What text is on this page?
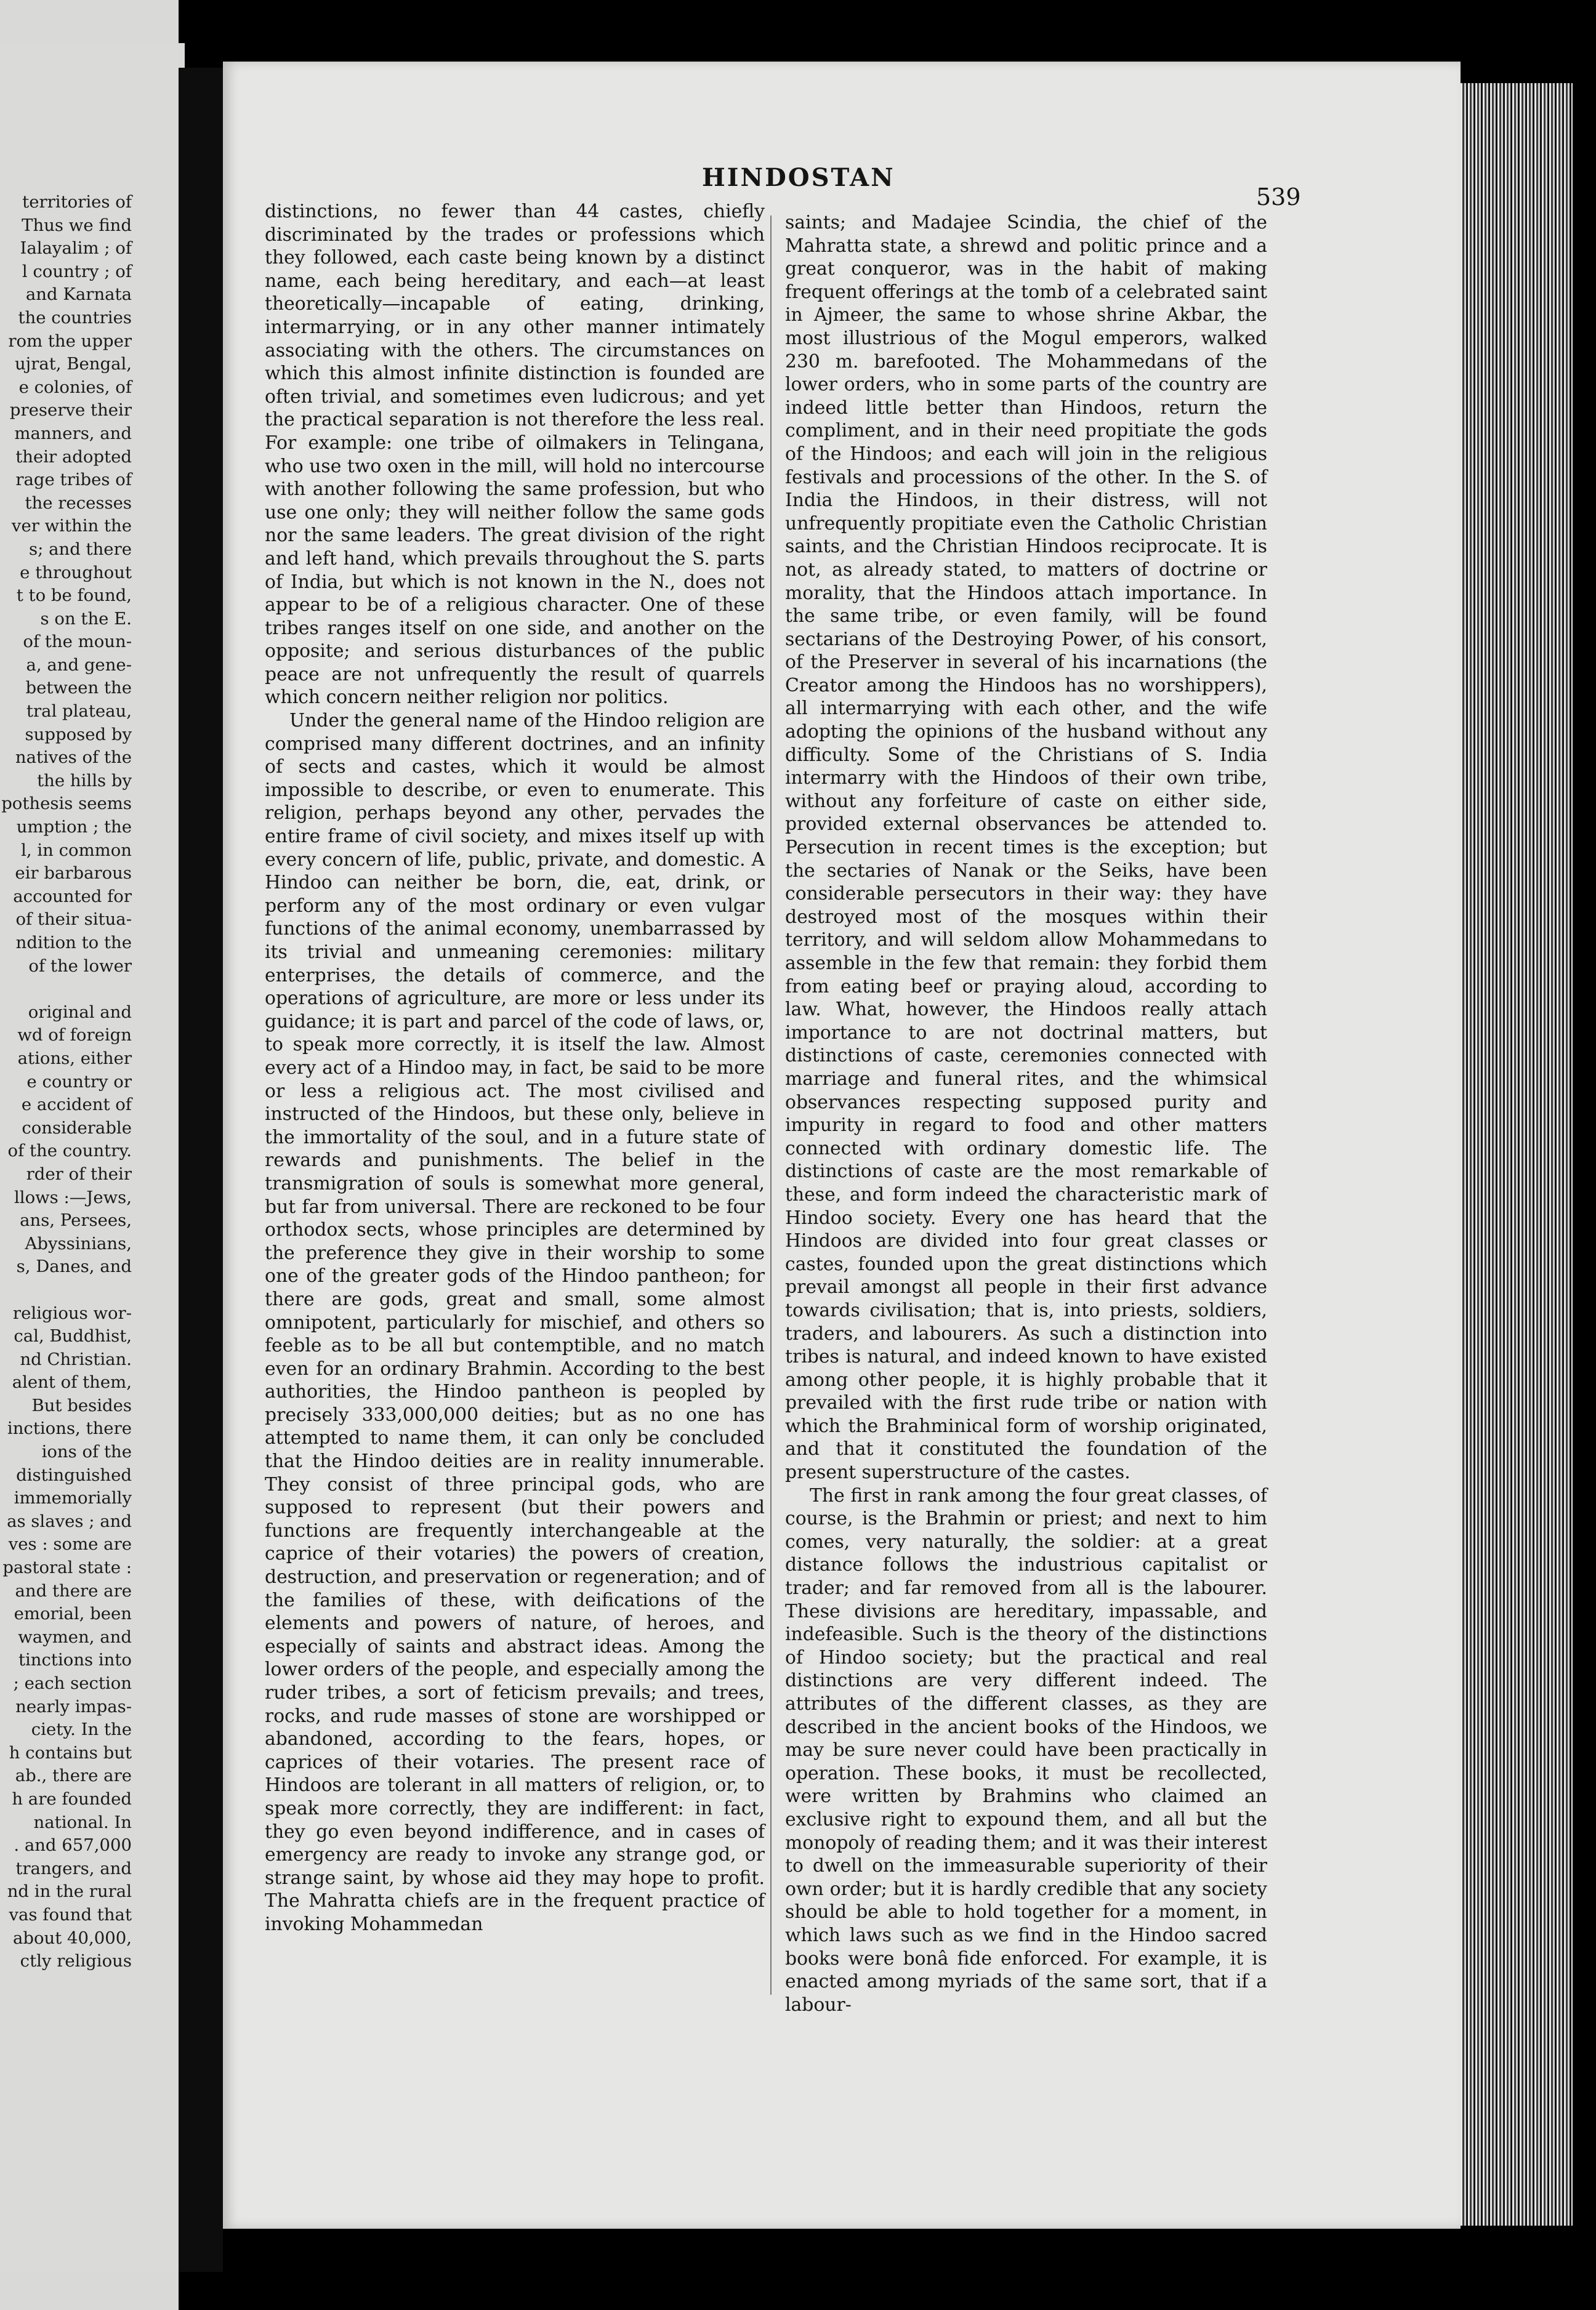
territories of
Thus we find
Ialayalim ; of
l country ; of
and Karnata
the countries
rom the upper
ujrat, Bengal,
e colonies, of
preserve their
manners, and
their adopted
rage tribes of
the recesses
ver within the
s; and there
e throughout
t to be found,
s on the E.
of the moun-
a, and gene-
between the
tral plateau,
supposed by
natives of the
the hills by
pothesis seems
umption ; the
l, in common
eir barbarous
accounted for
of their situa-
ndition to the
of the lower

original and
wd of foreign
ations, either
e country or
e accident of
considerable
of the country.
rder of their
llows :—Jews,
ans, Persees,
Abyssinians,
s, Danes, and

religious wor-
cal, Buddhist,
nd Christian.
alent of them,
But besides
inctions, there
ions of the
distinguished
immemorially
as slaves ; and
ves : some are
pastoral state :
and there are
emorial, been
waymen, and
tinctions into
; each section
nearly impas-
ciety. In the
h contains but
ab., there are
h are founded
national. In
. and 657,000
trangers, and
nd in the rural
vas found that
about 40,000,
ctly religious
HINDOSTAN
539

distinctions, no fewer than 44 castes, chiefly discriminated by the trades or professions which they followed, each caste being known by a distinct name, each being hereditary, and each—at least theoretically—incapable of eating, drinking, intermarrying, or in any other manner intimately associating with the others. The circumstances on which this almost infinite distinction is founded are often trivial, and sometimes even ludicrous; and yet the practical separation is not therefore the less real. For example: one tribe of oilmakers in Telingana, who use two oxen in the mill, will hold no intercourse with another following the same profession, but who use one only; they will neither follow the same gods nor the same leaders. The great division of the right and left hand, which prevails throughout the S. parts of India, but which is not known in the N., does not appear to be of a religious character. One of these tribes ranges itself on one side, and another on the opposite; and serious disturbances of the public peace are not unfrequently the result of quarrels which concern neither religion nor politics.

Under the general name of the Hindoo religion are comprised many different doctrines, and an infinity of sects and castes, which it would be almost impossible to describe, or even to enumerate. This religion, perhaps beyond any other, pervades the entire frame of civil society, and mixes itself up with every concern of life, public, private, and domestic. A Hindoo can neither be born, die, eat, drink, or perform any of the most ordinary or even vulgar functions of the animal economy, unembarrassed by its trivial and unmeaning ceremonies: military enterprises, the details of commerce, and the operations of agriculture, are more or less under its guidance; it is part and parcel of the code of laws, or, to speak more correctly, it is itself the law. Almost every act of a Hindoo may, in fact, be said to be more or less a religious act. The most civilised and instructed of the Hindoos, but these only, believe in the immortality of the soul, and in a future state of rewards and punishments. The belief in the transmigration of souls is somewhat more general, but far from universal. There are reckoned to be four orthodox sects, whose principles are determined by the preference they give in their worship to some one of the greater gods of the Hindoo pantheon; for there are gods, great and small, some almost omnipotent, particularly for mischief, and others so feeble as to be all but contemptible, and no match even for an ordinary Brahmin. According to the best authorities, the Hindoo pantheon is peopled by precisely 333,000,000 deities; but as no one has attempted to name them, it can only be concluded that the Hindoo deities are in reality innumerable. They consist of three principal gods, who are supposed to represent (but their powers and functions are frequently interchangeable at the caprice of their votaries) the powers of creation, destruction, and preservation or regeneration; and of the families of these, with deifications of the elements and powers of nature, of heroes, and especially of saints and abstract ideas. Among the lower orders of the people, and especially among the ruder tribes, a sort of feticism prevails; and trees, rocks, and rude masses of stone are worshipped or abandoned, according to the fears, hopes, or caprices of their votaries. The present race of Hindoos are tolerant in all matters of religion, or, to speak more correctly, they are indifferent: in fact, they go even beyond indifference, and in cases of emergency are ready to invoke any strange god, or strange saint, by whose aid they may hope to profit. The Mahratta chiefs are in the frequent practice of invoking Mohammedan

saints; and Madajee Scindia, the chief of the Mahratta state, a shrewd and politic prince and a great conqueror, was in the habit of making frequent offerings at the tomb of a celebrated saint in Ajmeer, the same to whose shrine Akbar, the most illustrious of the Mogul emperors, walked 230 m. barefooted. The Mohammedans of the lower orders, who in some parts of the country are indeed little better than Hindoos, return the compliment, and in their need propitiate the gods of the Hindoos; and each will join in the religious festivals and processions of the other. In the S. of India the Hindoos, in their distress, will not unfrequently propitiate even the Catholic Christian saints, and the Christian Hindoos reciprocate. It is not, as already stated, to matters of doctrine or morality, that the Hindoos attach importance. In the same tribe, or even family, will be found sectarians of the Destroying Power, of his consort, of the Preserver in several of his incarnations (the Creator among the Hindoos has no worshippers), all intermarrying with each other, and the wife adopting the opinions of the husband without any difficulty. Some of the Christians of S. India intermarry with the Hindoos of their own tribe, without any forfeiture of caste on either side, provided external observances be attended to. Persecution in recent times is the exception; but the sectaries of Nanak or the Seiks, have been considerable persecutors in their way: they have destroyed most of the mosques within their territory, and will seldom allow Mohammedans to assemble in the few that remain: they forbid them from eating beef or praying aloud, according to law. What, however, the Hindoos really attach importance to are not doctrinal matters, but distinctions of caste, ceremonies connected with marriage and funeral rites, and the whimsical observances respecting supposed purity and impurity in regard to food and other matters connected with ordinary domestic life. The distinctions of caste are the most remarkable of these, and form indeed the characteristic mark of Hindoo society. Every one has heard that the Hindoos are divided into four great classes or castes, founded upon the great distinctions which prevail amongst all people in their first advance towards civilisation; that is, into priests, soldiers, traders, and labourers. As such a distinction into tribes is natural, and indeed known to have existed among other people, it is highly probable that it prevailed with the first rude tribe or nation with which the Brahminical form of worship originated, and that it constituted the foundation of the present superstructure of the castes.

The first in rank among the four great classes, of course, is the Brahmin or priest; and next to him comes, very naturally, the soldier: at a great distance follows the industrious capitalist or trader; and far removed from all is the labourer. These divisions are hereditary, impassable, and indefeasible. Such is the theory of the distinctions of Hindoo society; but the practical and real distinctions are very different indeed. The attributes of the different classes, as they are described in the ancient books of the Hindoos, we may be sure never could have been practically in operation. These books, it must be recollected, were written by Brahmins who claimed an exclusive right to expound them, and all but the monopoly of reading them; and it was their interest to dwell on the immeasurable superiority of their own order; but it is hardly credible that any society should be able to hold together for a moment, in which laws such as we find in the Hindoo sacred books were bonâ fide enforced. For example, it is enacted among myriads of the same sort, that if a labour-
